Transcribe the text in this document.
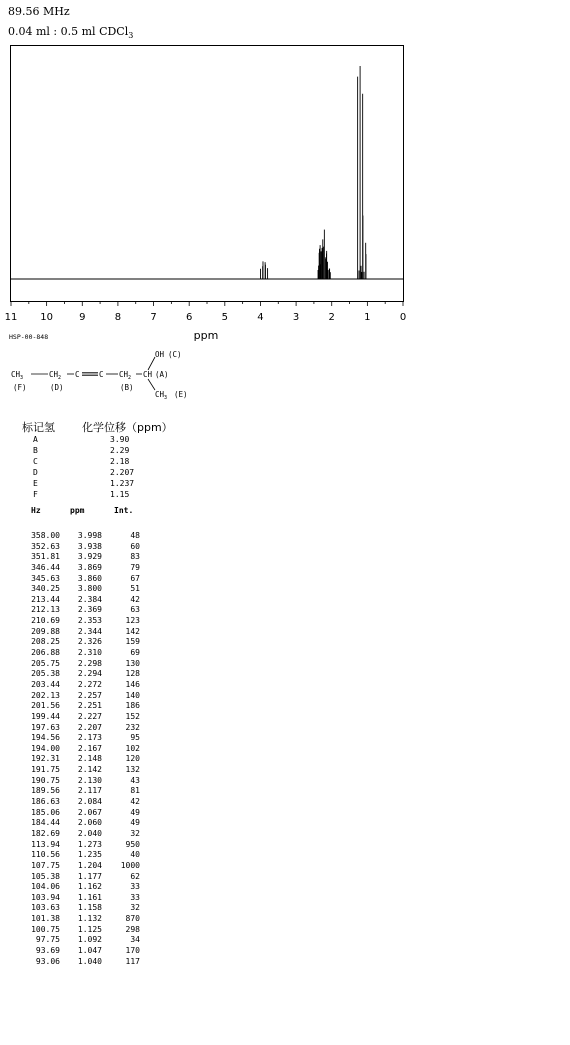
89.56 MHz
0.04 ml : 0.5 ml CDCl$_3$
11 10	9	8	7	6	5	4	3	2	1	0
ppm
HSP-00-848
$CH_3$	$CH_2$ C	C $CH_2$ CH (A)
OH (C)
$CH_3$ (E)
(F)	(D)	(B)
标记氢 化学位移（ppm）
A	3.90
B	2.29
C	2.18
D	2.207
E	1.237
F	1.15
Hz	ppm	Int.
358.00	3.998	48
352.63	3.938	60
351.81	3.929	83
346.44	3.869	79
345.63	3.860	67
340.25	3.800	51
213.44	2.384	42
212.13	2.369	63
210.69	2.353	123
209.88	2.344	142
208.25	2.326	159
206.88	2.310	69
205.75	2.298	130
205.38	2.294	128
203.44	2.272	146
202.13	2.257	140
201.56	2.251	186
199.44	2.227	152
197.63	2.207	232
194.56	2.173	95
194.00	2.167	102
192.31	2.148	120
191.75	2.142	132
190.75	2.130	43
189.56	2.117	81
186.63	2.084	42
185.06	2.067	49
184.44	2.060	49
182.69	2.040	32
113.94	1.273	950
110.56	1.235	40
107.75	1.204	1000
105.38	1.177	62
104.06	1.162	33
103.94	1.161	33
103.63	1.158	32
101.38	1.132	870
100.75	1.125	298
97.75	1.092	34
93.69	1.047	170
93.06	1.040	117
